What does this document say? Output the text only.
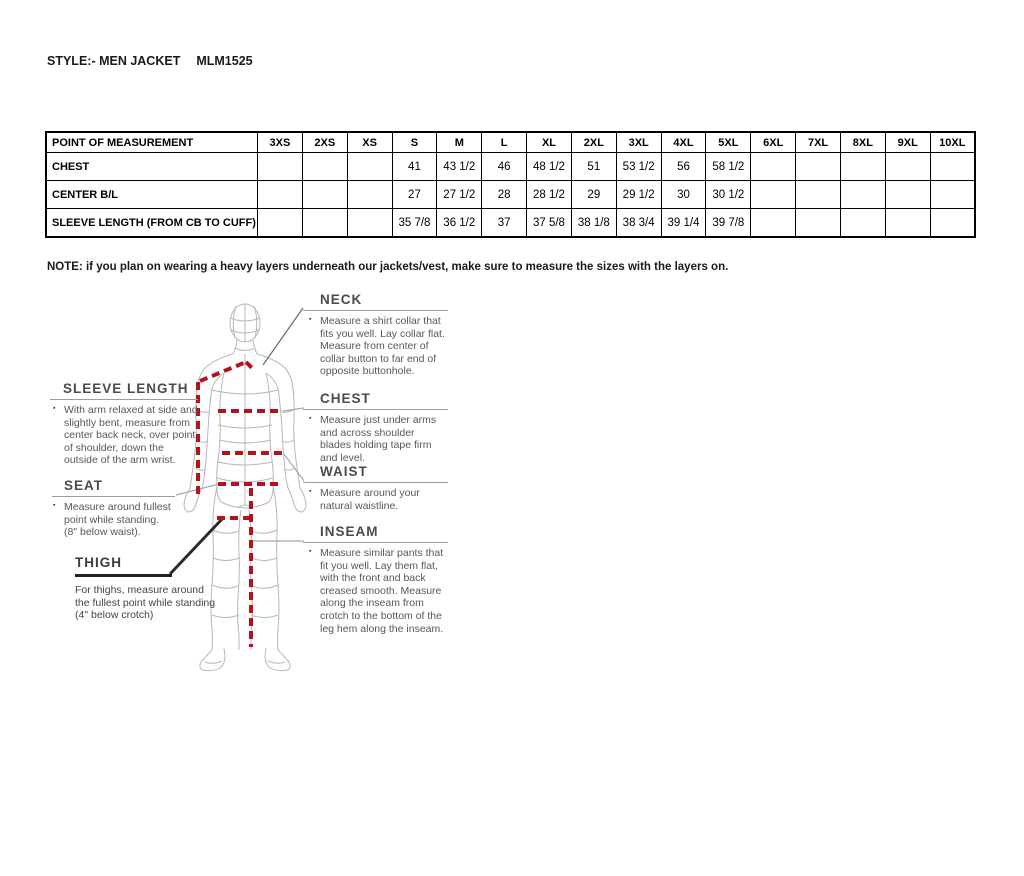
STYLE:- MEN JACKET MLM1525
POINT OF MEASUREMENT	3XS	2XS	XS	S	M	L	XL	2XL	3XL	4XL	5XL	6XL	7XL	8XL	9XL	10XL
CHEST				41	43 1/2	46	48 1/2	51	53 1/2	56	58 1/2					
CENTER B/L				27	27 1/2	28	28 1/2	29	29 1/2	30	30 1/2					
SLEEVE LENGTH (FROM CB TO CUFF)				35 7/8	36 1/2	37	37 5/8	38 1/8	38 3/4	39 1/4	39 7/8					
NOTE: if you plan on wearing a heavy layers underneath our jackets/vest, make sure to measure the sizes with the layers on.
NECK

▪ Measure a shirt collar that fits you well. Lay collar flat. Measure from center of collar button to far end of opposite buttonhole.

CHEST

▪ Measure just under arms and across shoulder blades holding tape firm and level.

WAIST

▪ Measure around your natural waistline.

INSEAM

▪ Measure similar pants that fit you well. Lay them flat, with the front and back creased smooth. Measure along the inseam from crotch to the bottom of the leg hem along the inseam.

SLEEVE LENGTH

▪ With arm relaxed at side and slightly bent, measure from center back neck, over point of shoulder, down the outside of the arm wrist.

SEAT

▪ Measure around fullest point while standing. (8" below waist).

THIGH

For thighs, measure around the fullest point while standing (4" below crotch)
